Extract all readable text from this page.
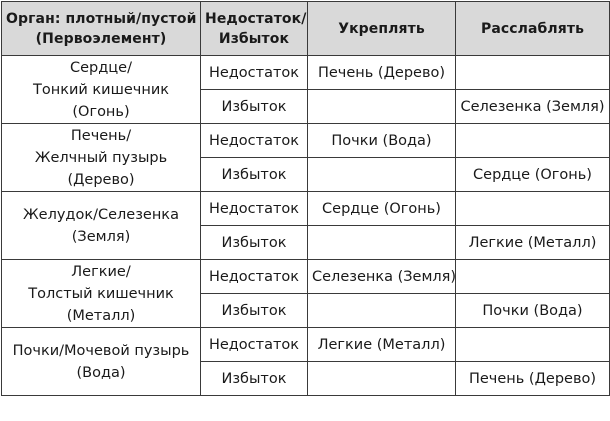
Орган: плотный/пустой
(Первоэлемент)	Недостаток/
Избыток	Укреплять	Расслаблять

Сердце/
Тонкий кишечник
(Огонь)	Недостаток	Печень (Дерево)	
	Избыток		Селезенка (Земля)

Печень/
Желчный пузырь
(Дерево)	Недостаток	Почки (Вода)	
	Избыток		Сердце (Огонь)

Желудок/Селезенка
(Земля)	Недостаток	Сердце (Огонь)	
	Избыток		Легкие (Металл)

Легкие/
Толстый кишечник
(Металл)	Недостаток	Селезенка (Земля)	
	Избыток		Почки (Вода)

Почки/Мочевой пузырь
(Вода)	Недостаток	Легкие (Металл)	
	Избыток		Печень (Дерево)
